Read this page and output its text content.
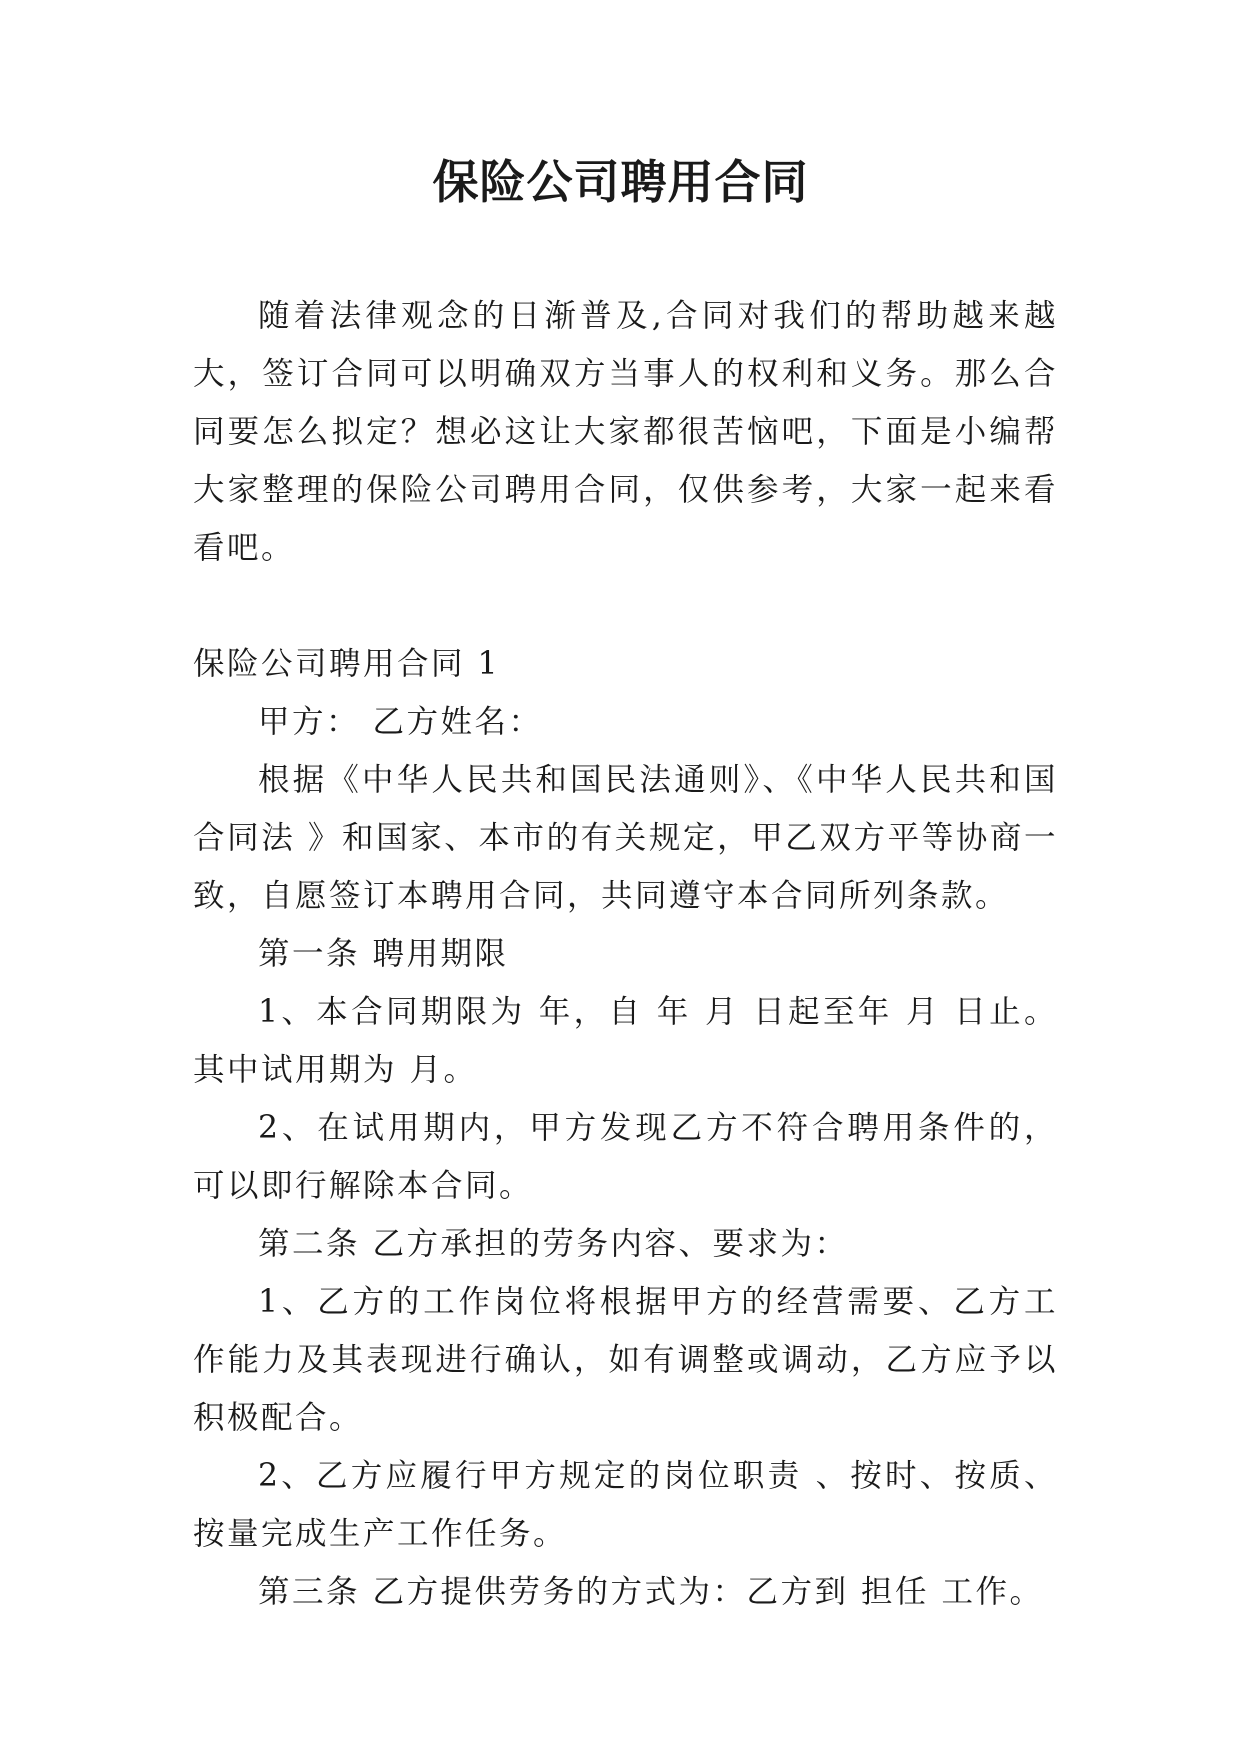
保险公司聘用合同

随着法律观念的日渐普及,合同对我们的帮助越来越大，签订合同可以明确双方当事人的权利和义务。那么合同要怎么拟定？想必这让大家都很苦恼吧，下面是小编帮大家整理的保险公司聘用合同，仅供参考，大家一起来看看吧。

保险公司聘用合同 1

甲方： 乙方姓名：

根据《中华人民共和国民法通则》、《中华人民共和国合同法 》和国家、本市的有关规定，甲乙双方平等协商一致，自愿签订本聘用合同，共同遵守本合同所列条款。

第一条 聘用期限

1、本合同期限为 年，自 年 月 日起至年 月 日止。其中试用期为 月。

2、在试用期内，甲方发现乙方不符合聘用条件的，可以即行解除本合同。

第二条 乙方承担的劳务内容、要求为：

1、乙方的工作岗位将根据甲方的经营需要、乙方工作能力及其表现进行确认，如有调整或调动，乙方应予以积极配合。

2、乙方应履行甲方规定的岗位职责 、按时、按质、按量完成生产工作任务。

第三条 乙方提供劳务的方式为：乙方到 担任 工作。
